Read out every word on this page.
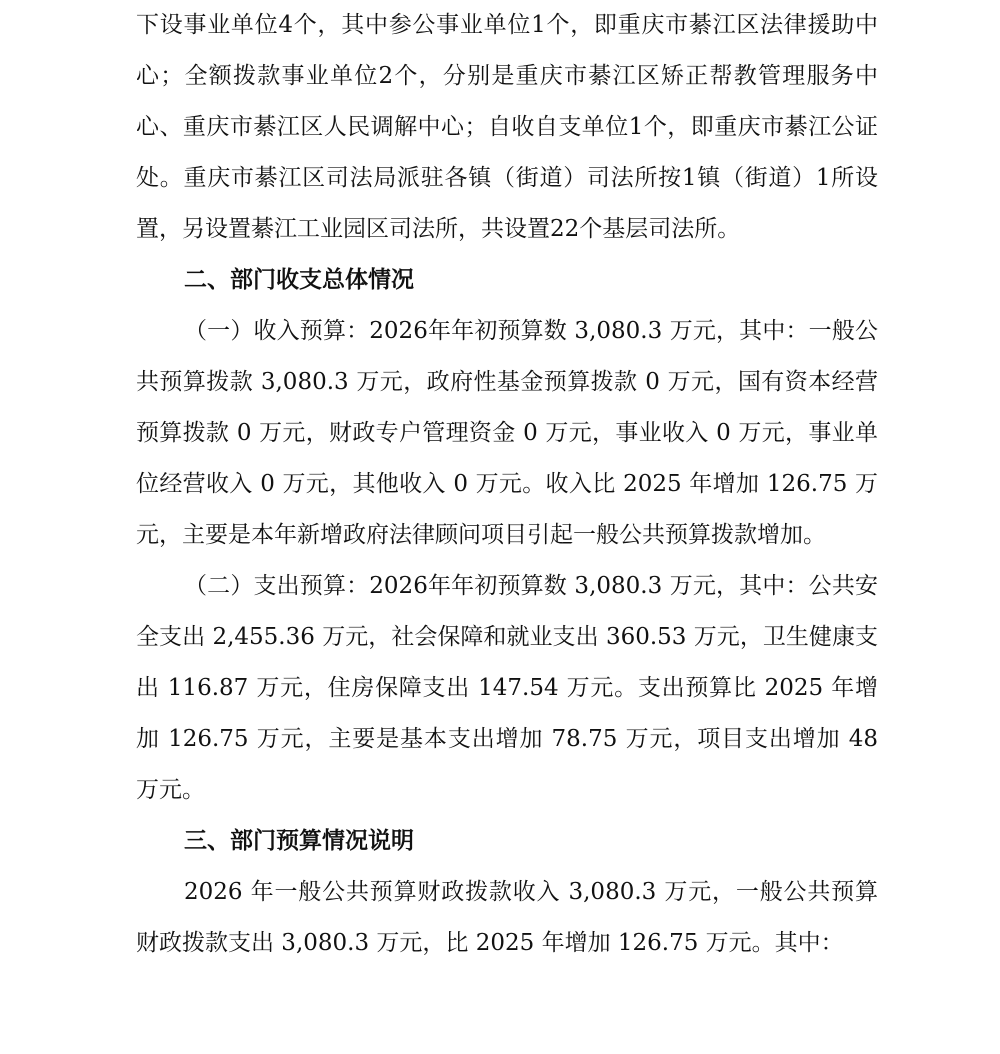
下设事业单位4个，其中参公事业单位1个，即重庆市綦江区法律援助中心；全额拨款事业单位2个，分别是重庆市綦江区矫正帮教管理服务中心、重庆市綦江区人民调解中心；自收自支单位1个，即重庆市綦江公证处。重庆市綦江区司法局派驻各镇（街道）司法所按1镇（街道）1所设置，另设置綦江工业园区司法所，共设置22个基层司法所。

二、部门收支总体情况

（一）收入预算：2026年年初预算数 3,080.3 万元，其中：一般公共预算拨款 3,080.3 万元，政府性基金预算拨款 0 万元，国有资本经营预算拨款 0 万元，财政专户管理资金 0 万元，事业收入 0 万元，事业单位经营收入 0 万元，其他收入 0 万元。收入比 2025 年增加 126.75 万元，主要是本年新增政府法律顾问项目引起一般公共预算拨款增加。

（二）支出预算：2026年年初预算数 3,080.3 万元，其中：公共安全支出 2,455.36 万元，社会保障和就业支出 360.53 万元，卫生健康支出 116.87 万元，住房保障支出 147.54 万元。支出预算比 2025 年增加 126.75 万元，主要是基本支出增加 78.75 万元，项目支出增加 48 万元。

三、部门预算情况说明

2026 年一般公共预算财政拨款收入 3,080.3 万元，一般公共预算财政拨款支出 3,080.3 万元，比 2025 年增加 126.75 万元。其中：
